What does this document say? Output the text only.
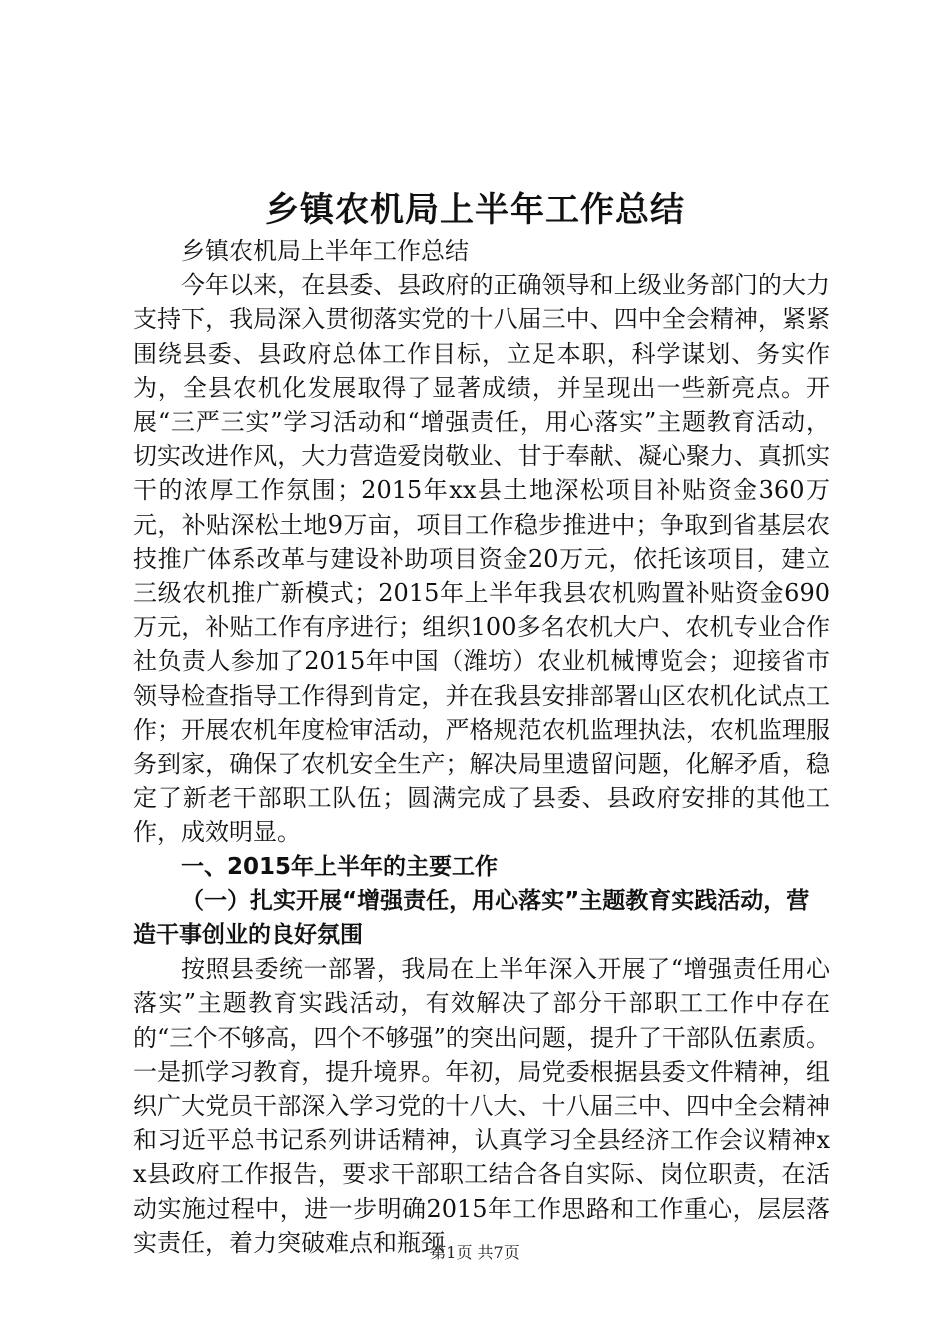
乡镇农机局上半年工作总结

乡镇农机局上半年工作总结

今年以来，在县委、县政府的正确领导和上级业务部门的大力支持下，我局深入贯彻落实党的十八届三中、四中全会精神，紧紧围绕县委、县政府总体工作目标，立足本职，科学谋划、务实作为，全县农机化发展取得了显著成绩，并呈现出一些新亮点。开展“三严三实”学习活动和“增强责任，用心落实”主题教育活动，切实改进作风，大力营造爱岗敬业、甘于奉献、凝心聚力、真抓实干的浓厚工作氛围；2015年xx县土地深松项目补贴资金360万元，补贴深松土地9万亩，项目工作稳步推进中；争取到省基层农技推广体系改革与建设补助项目资金20万元，依托该项目，建立三级农机推广新模式；2015年上半年我县农机购置补贴资金690万元，补贴工作有序进行；组织100多名农机大户、农机专业合作社负责人参加了2015年中国（潍坊）农业机械博览会；迎接省市领导检查指导工作得到肯定，并在我县安排部署山区农机化试点工作；开展农机年度检审活动，严格规范农机监理执法，农机监理服务到家，确保了农机安全生产；解决局里遗留问题，化解矛盾，稳定了新老干部职工队伍；圆满完成了县委、县政府安排的其他工作，成效明显。

一、2015年上半年的主要工作

（一）扎实开展“增强责任，用心落实”主题教育实践活动，营造干事创业的良好氛围

按照县委统一部署，我局在上半年深入开展了“增强责任用心落实”主题教育实践活动，有效解决了部分干部职工工作中存在的“三个不够高，四个不够强”的突出问题，提升了干部队伍素质。一是抓学习教育，提升境界。年初，局党委根据县委文件精神，组织广大党员干部深入学习党的十八大、十八届三中、四中全会精神和习近平总书记系列讲话精神，认真学习全县经济工作会议精神xx县政府工作报告，要求干部职工结合各自实际、岗位职责，在活动实施过程中，进一步明确2015年工作思路和工作重心，层层落实责任，着力突破难点和瓶颈

第1页 共7页
